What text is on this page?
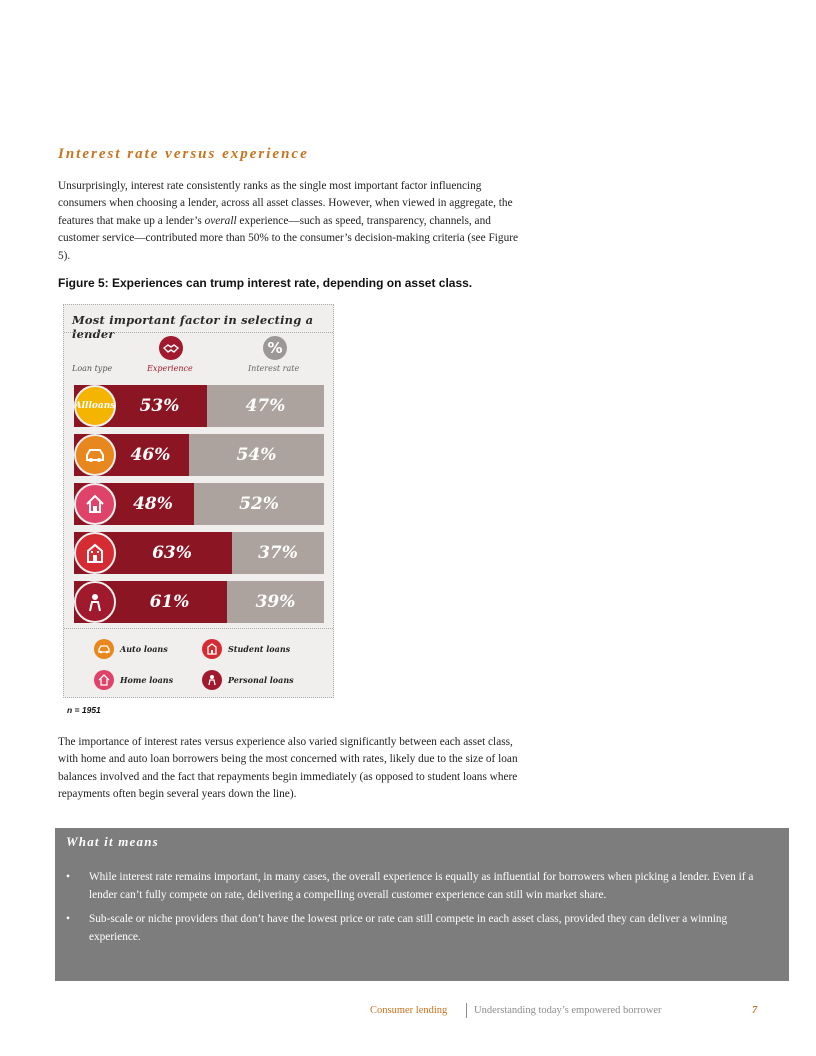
Interest rate versus experience
Unsurprisingly, interest rate consistently ranks as the single most important factor influencing consumers when choosing a lender, across all asset classes. However, when viewed in aggregate, the features that make up a lender’s overall experience—such as speed, transparency, channels, and customer service—contributed more than 50% to the consumer’s decision-making criteria (see Figure 5).
Figure 5: Experiences can trump interest rate, depending on asset class.
Most important factor in selecting a lender
%
Loan type	Experience	Interest rate
53%	47%
All loans
46%	54%
48%	52%
63%	37%
61%	39%
Auto loans	Student loans
Home loans	Personal loans
n = 1951
The importance of interest rates versus experience also varied significantly between each asset class, with home and auto loan borrowers being the most concerned with rates, likely due to the size of loan balances involved and the fact that repayments begin immediately (as opposed to student loans where repayments often begin several years down the line).
What it means
• While interest rate remains important, in many cases, the overall experience is equally as influential for borrowers when picking a lender. Even if a lender can’t fully compete on rate, delivering a compelling overall customer experience can still win market share.
• Sub-scale or niche providers that don’t have the lowest price or rate can still compete in each asset class, provided they can deliver a winning experience.
Consumer lending	Understanding today’s empowered borrower	7
